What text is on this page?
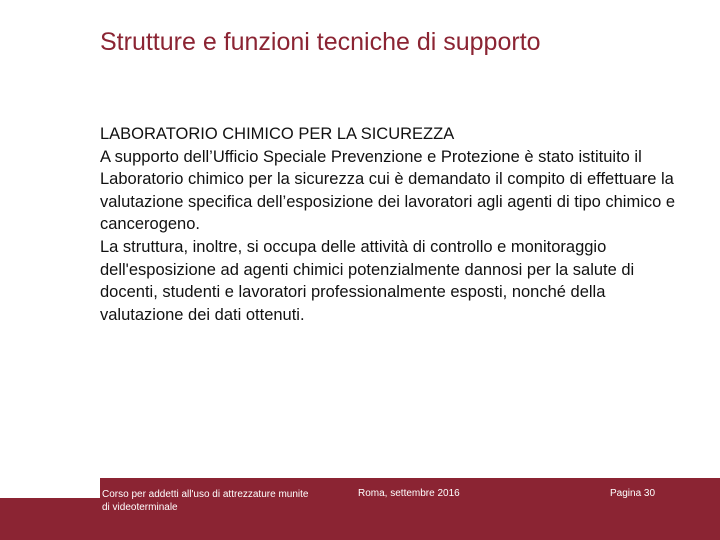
Strutture e funzioni tecniche di supporto

LABORATORIO CHIMICO PER LA SICUREZZA

A supporto dell’Ufficio Speciale Prevenzione e Protezione è stato istituito il Laboratorio chimico per la sicurezza cui è demandato il compito di effettuare la valutazione specifica dell’esposizione dei lavoratori agli agenti di tipo chimico e cancerogeno.

La struttura, inoltre, si occupa delle attività di controllo e monitoraggio dell'esposizione ad agenti chimici potenzialmente dannosi per la salute di docenti, studenti e lavoratori professionalmente esposti, nonché della valutazione dei dati ottenuti.

Corso per addetti all'uso di attrezzature munite di videoterminale
Roma, settembre 2016	Pagina 30
